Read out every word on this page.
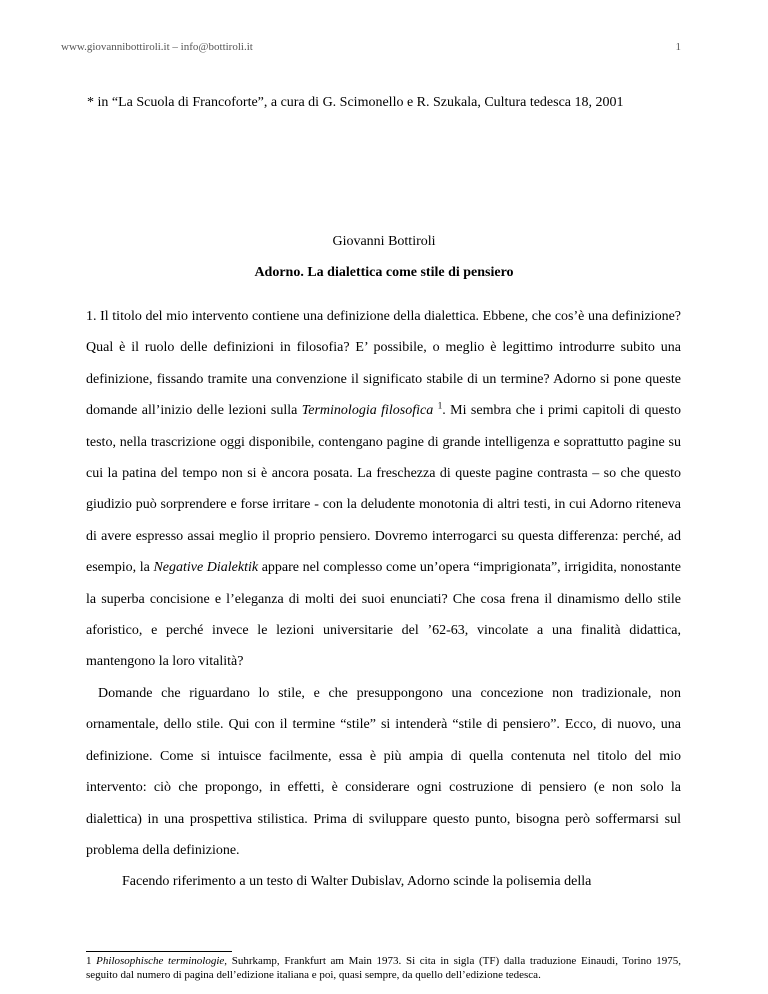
www.giovannibottiroli.it – info@bottiroli.it	1
* in “La Scuola di Francoforte”, a cura di G. Scimonello e R. Szukala, Cultura tedesca 18, 2001
Giovanni Bottiroli
Adorno. La dialettica come stile di pensiero

1. Il titolo del mio intervento contiene una definizione della dialettica. Ebbene, che cos’è una definizione? Qual è il ruolo delle definizioni in filosofia? E’ possibile, o meglio è legittimo introdurre subito una definizione, fissando tramite una convenzione il significato stabile di un termine? Adorno si pone queste domande all’inizio delle lezioni sulla Terminologia filosofica $^1$. Mi sembra che i primi capitoli di questo testo, nella trascrizione oggi disponibile, contengano pagine di grande intelligenza e soprattutto pagine su cui la patina del tempo non si è ancora posata. La freschezza di queste pagine contrasta – so che questo giudizio può sorprendere e forse irritare - con la deludente monotonia di altri testi, in cui Adorno riteneva di avere espresso assai meglio il proprio pensiero. Dovremo interrogarci su questa differenza: perché, ad esempio, la Negative Dialektik appare nel complesso come un’opera “imprigionata”, irrigidita, nonostante la superba concisione e l’eleganza di molti dei suoi enunciati? Che cosa frena il dinamismo dello stile aforistico, e perché invece le lezioni universitarie del ’62-63, vincolate a una finalità didattica, mantengono la loro vitalità?

Domande che riguardano lo stile, e che presuppongono una concezione non tradizionale, non ornamentale, dello stile. Qui con il termine “stile” si intenderà “stile di pensiero”. Ecco, di nuovo, una definizione. Come si intuisce facilmente, essa è più ampia di quella contenuta nel titolo del mio intervento: ciò che propongo, in effetti, è considerare ogni costruzione di pensiero (e non solo la dialettica) in una prospettiva stilistica. Prima di sviluppare questo punto, bisogna però soffermarsi sul problema della definizione.

Facendo riferimento a un testo di Walter Dubislav, Adorno scinde la polisemia della

1 Philosophische terminologie, Suhrkamp, Frankfurt am Main 1973. Si cita in sigla (TF) dalla traduzione Einaudi, Torino 1975, seguito dal numero di pagina dell’edizione italiana e poi, quasi sempre, da quello dell’edizione tedesca.
